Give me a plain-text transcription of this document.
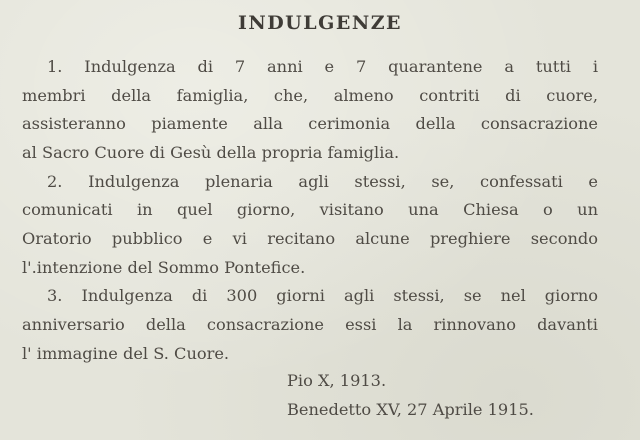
INDULGENZE
1. Indulgenza di 7 anni e 7 quarantene a tutti i
membri della famiglia, che, almeno contriti di cuore,
assisteranno piamente alla cerimonia della consacrazione
al Sacro Cuore di Gesù della propria famiglia.
2. Indulgenza plenaria agli stessi, se, confessati e
comunicati in quel giorno, visitano una Chiesa o un
Oratorio pubblico e vi recitano alcune preghiere secondo
l'.intenzione del Sommo Pontefice.
3. Indulgenza di 300 giorni agli stessi, se nel giorno
anniversario della consacrazione essi la rinnovano davanti
l' immagine del S. Cuore.
Pio X, 1913.
Benedetto XV, 27 Aprile 1915.
